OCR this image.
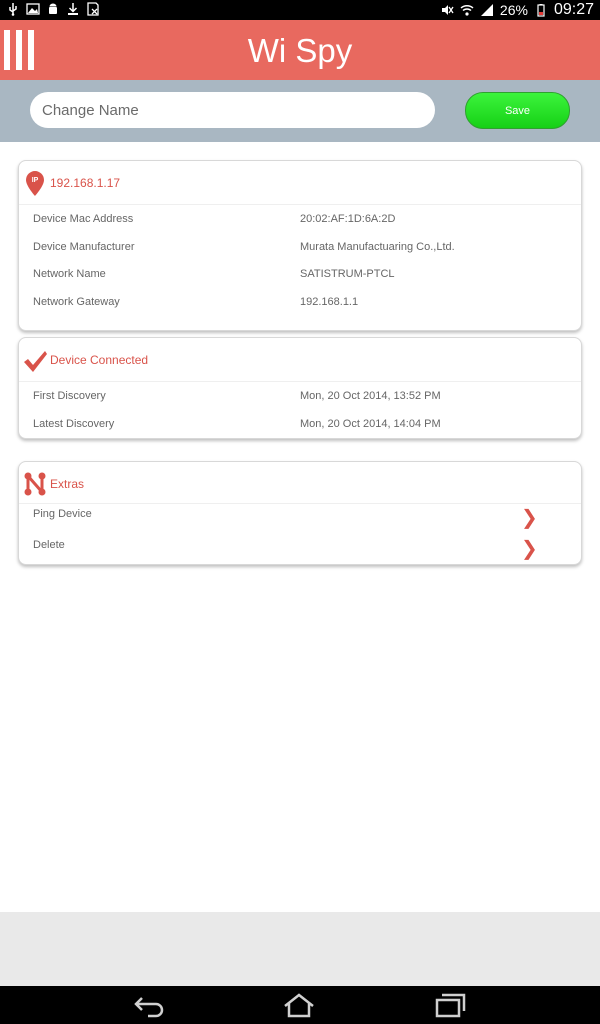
26% 09:27
Wi Spy
Change Name
Save
IP 192.168.1.17
Device Mac Address	20:02:AF:1D:6A:2D
Device Manufacturer	Murata Manufactuaring Co.,Ltd.
Network Name	SATISTRUM-PTCL
Network Gateway	192.168.1.1
Device Connected
First Discovery	Mon, 20 Oct 2014, 13:52 PM
Latest Discovery	Mon, 20 Oct 2014, 14:04 PM
Extras
Ping Device	❯
Delete	❯
